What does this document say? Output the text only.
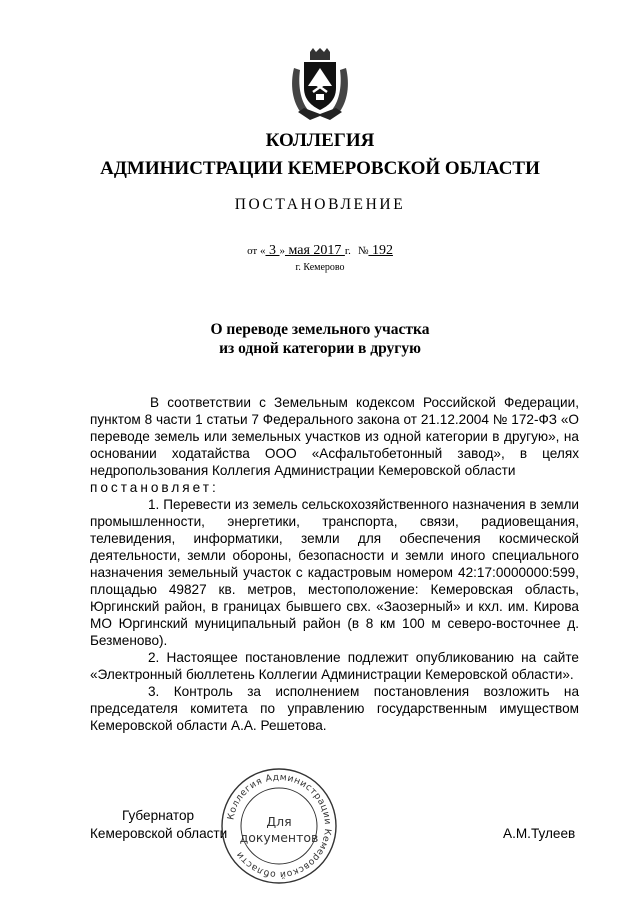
КОЛЛЕГИЯ
АДМИНИСТРАЦИИ КЕМЕРОВСКОЙ ОБЛАСТИ
ПОСТАНОВЛЕНИЕ
от « 3 » мая 2017 г. № 192
г. Кемерово
О переводе земельного участка
из одной категории в другую

В соответствии с Земельным кодексом Российской Федерации, пунктом 8 части 1 статьи 7 Федерального закона от 21.12.2004 № 172-ФЗ «О переводе земель или земельных участков из одной категории в другую», на основании ходатайства ООО «Асфальтобетонный завод», в целях недропользования Коллегия Администрации Кемеровской области

постановляет:

1. Перевести из земель сельскохозяйственного назначения в земли промышленности, энергетики, транспорта, связи, радиовещания, телевидения, информатики, земли для обеспечения космической деятельности, земли обороны, безопасности и земли иного специального назначения земельный участок с кадастровым номером 42:17:0000000:599, площадью 49827 кв. метров, местоположение: Кемеровская область, Юргинский район, в границах бывшего свх. «Заозерный» и кхл. им. Кирова МО Юргинский муниципальный район (в 8 км 100 м северо-восточнее д. Безменово).

2. Настоящее постановление подлежит опубликованию на сайте «Электронный бюллетень Коллегии Администрации Кемеровской области».

3. Контроль за исполнением постановления возложить на председателя комитета по управлению государственным имуществом Кемеровской области А.А. Решетова.

Губернатор
Кемеровской области	А.М.Тулеев
Коллегия Администрации Кемеровской области
Для
документов
